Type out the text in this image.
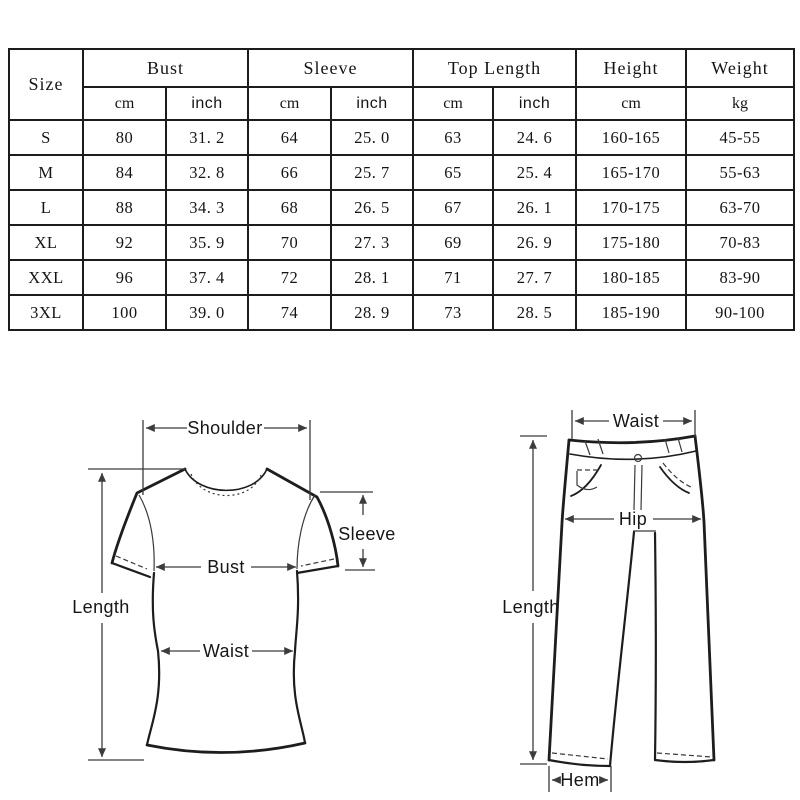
Size	Bust		Sleeve		Top Length		Height	Weight
	cm	inch	cm	inch	cm	inch	cm	kg
S	80	31. 2	64	25. 0	63	24. 6	160-165	45-55
M	84	32. 8	66	25. 7	65	25. 4	165-170	55-63
L	88	34. 3	68	26. 5	67	26. 1	170-175	63-70
XL	92	35. 9	70	27. 3	69	26. 9	175-180	70-83
XXL	96	37. 4	72	28. 1	71	27. 7	180-185	83-90
3XL	100	39. 0	74	28. 9	73	28. 5	185-190	90-100
Shoulder
Length
Sleeve
Bust
Waist
Waist
Hip
Length
Hem
